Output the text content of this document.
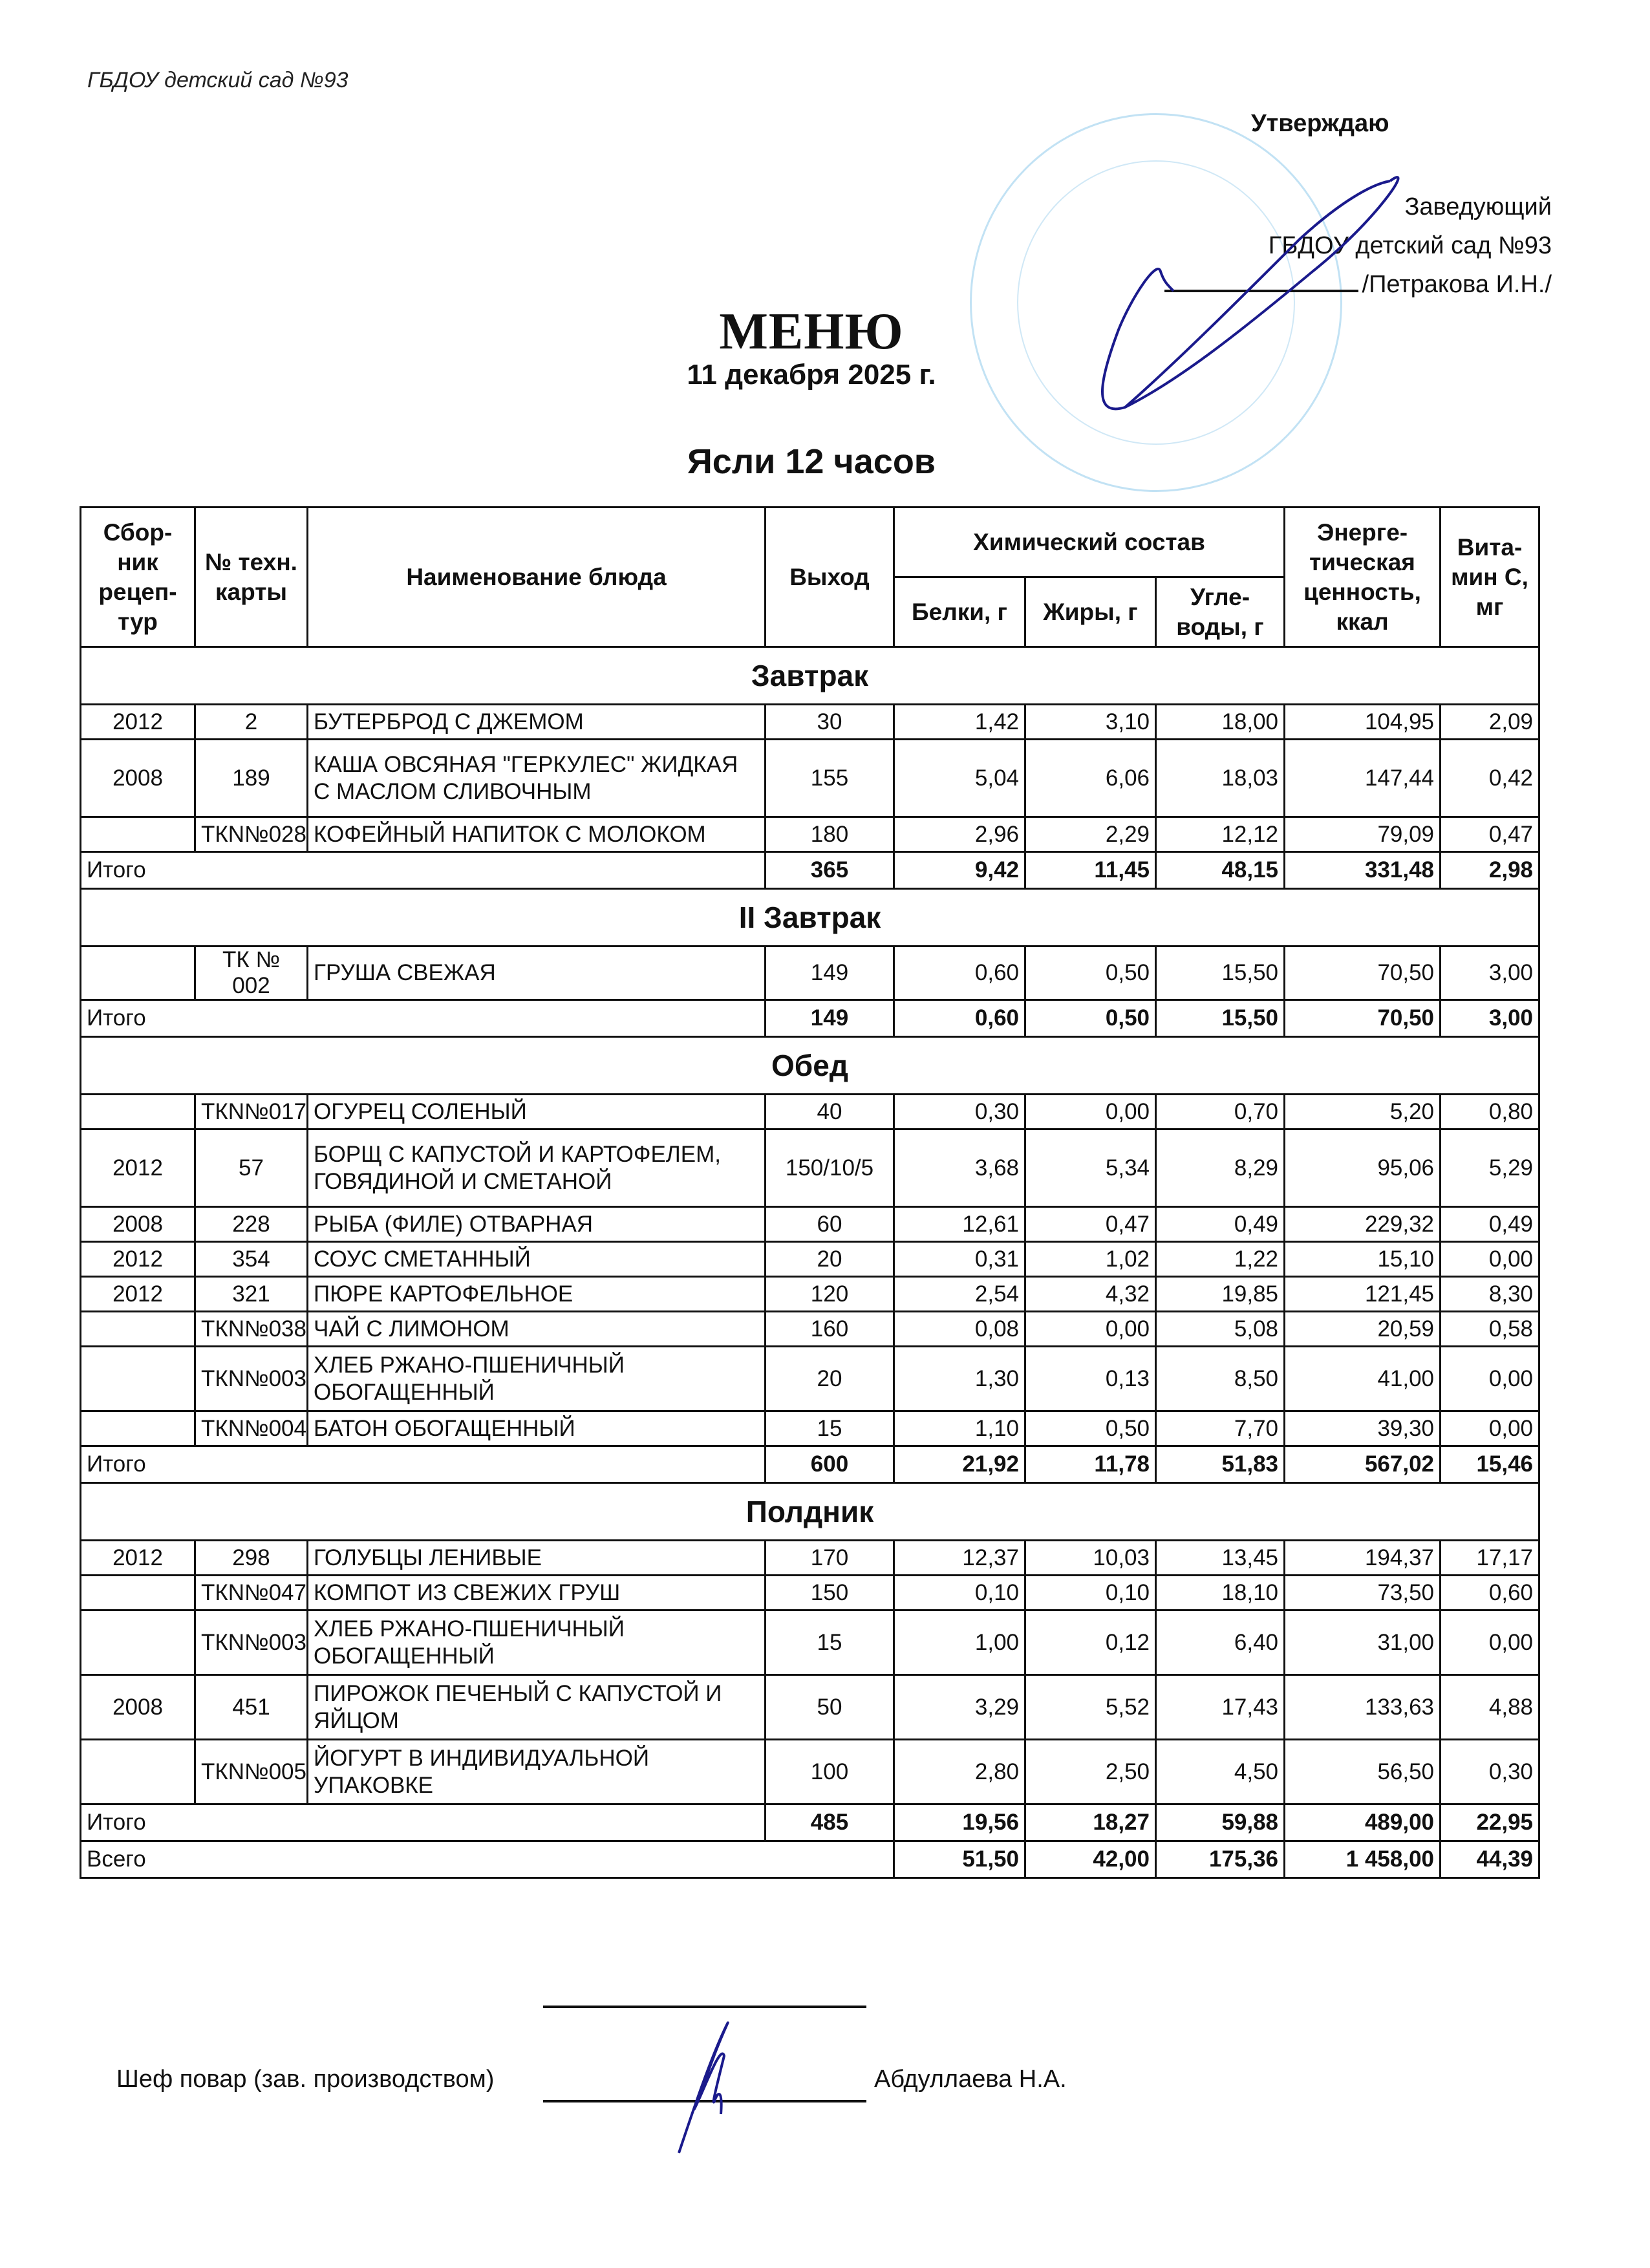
ГБДОУ детский сад №93
Утверждаю
Заведующий
ГБДОУ детский сад №93
/Петракова И.Н./
МЕНЮ
11 декабря 2025 г.
Ясли 12 часов
Сбор-ник рецеп-тур	№ техн. карты	Наименование блюда	Выход	Химический состав			Энерге-тическая ценность, ккал	Вита-мин С, мг
				Белки, г	Жиры, г	Угле-воды, г		
Завтрак								
2012	2	БУТЕРБРОД С ДЖЕМОМ	30	1,42	3,10	18,00	104,95	2,09
2008	189	КАША ОВСЯНАЯ "ГЕРКУЛЕС" ЖИДКАЯ С МАСЛОМ СЛИВОЧНЫМ	155	5,04	6,06	18,03	147,44	0,42
	ТКN№028	КОФЕЙНЫЙ НАПИТОК С МОЛОКОМ	180	2,96	2,29	12,12	79,09	0,47
Итого			365	9,42	11,45	48,15	331,48	2,98
II Завтрак								
	ТК № 002	ГРУША СВЕЖАЯ	149	0,60	0,50	15,50	70,50	3,00
Итого			149	0,60	0,50	15,50	70,50	3,00
Обед								
	ТКN№017	ОГУРЕЦ СОЛЕНЫЙ	40	0,30	0,00	0,70	5,20	0,80
2012	57	БОРЩ С КАПУСТОЙ И КАРТОФЕЛЕМ, ГОВЯДИНОЙ И СМЕТАНОЙ	150/10/5	3,68	5,34	8,29	95,06	5,29
2008	228	РЫБА (ФИЛЕ) ОТВАРНАЯ	60	12,61	0,47	0,49	229,32	0,49
2012	354	СОУС СМЕТАННЫЙ	20	0,31	1,02	1,22	15,10	0,00
2012	321	ПЮРЕ КАРТОФЕЛЬНОЕ	120	2,54	4,32	19,85	121,45	8,30
	ТКN№038	ЧАЙ С ЛИМОНОМ	160	0,08	0,00	5,08	20,59	0,58
	ТКN№003	ХЛЕБ РЖАНО-ПШЕНИЧНЫЙ ОБОГАЩЕННЫЙ	20	1,30	0,13	8,50	41,00	0,00
	ТКN№004	БАТОН ОБОГАЩЕННЫЙ	15	1,10	0,50	7,70	39,30	0,00
Итого			600	21,92	11,78	51,83	567,02	15,46
Полдник								
2012	298	ГОЛУБЦЫ ЛЕНИВЫЕ	170	12,37	10,03	13,45	194,37	17,17
	ТКN№047	КОМПОТ ИЗ СВЕЖИХ ГРУШ	150	0,10	0,10	18,10	73,50	0,60
	ТКN№003	ХЛЕБ РЖАНО-ПШЕНИЧНЫЙ ОБОГАЩЕННЫЙ	15	1,00	0,12	6,40	31,00	0,00
2008	451	ПИРОЖОК ПЕЧЕНЫЙ С КАПУСТОЙ И ЯЙЦОМ	50	3,29	5,52	17,43	133,63	4,88
	ТКN№005	ЙОГУРТ В ИНДИВИДУАЛЬНОЙ УПАКОВКЕ	100	2,80	2,50	4,50	56,50	0,30
Итого			485	19,56	18,27	59,88	489,00	22,95
Всего				51,50	42,00	175,36	1 458,00	44,39
Шеф повар (зав. производством)	Абдуллаева Н.А.
